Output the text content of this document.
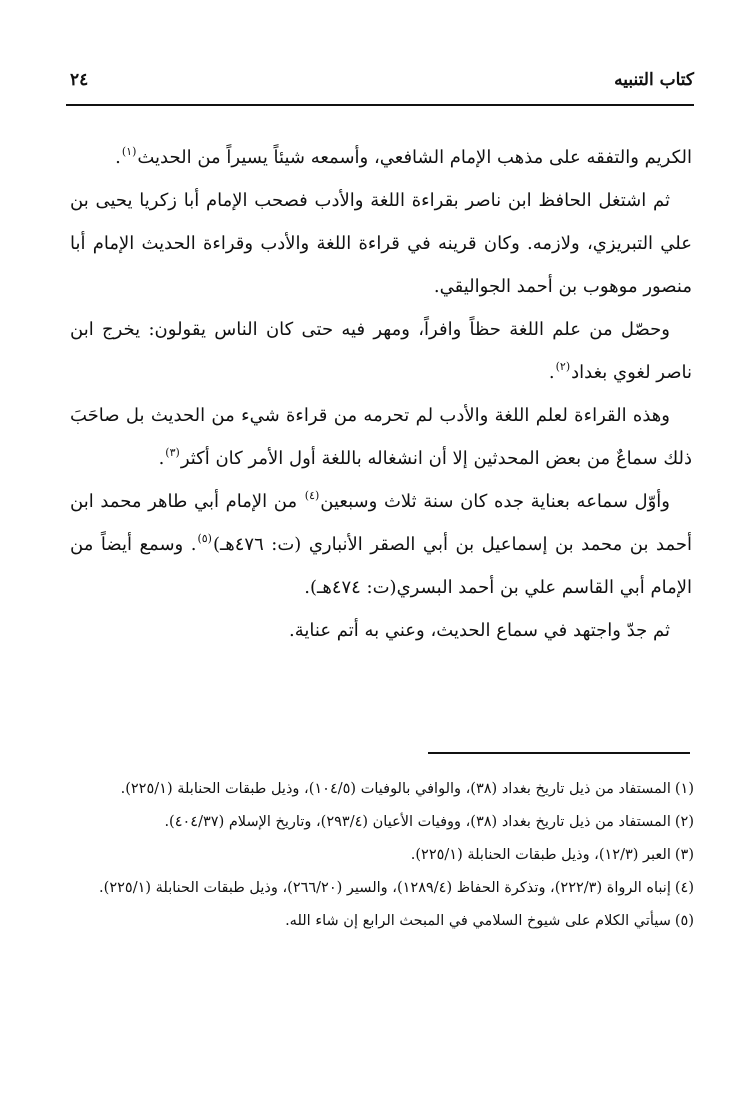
كتاب التنبيه
٢٤

الكريم والتفقه على مذهب الإمام الشافعي، وأسمعه شيئاً يسيراً من الحديث$^{(١)}$.

ثم اشتغل الحافظ ابن ناصر بقراءة اللغة والأدب فصحب الإمام أبا زكريا يحيى بن علي التبريزي، ولازمه. وكان قرينه في قراءة اللغة والأدب وقراءة الحديث الإمام أبا منصور موهوب بن أحمد الجواليقي.

وحصّل من علم اللغة حظاً وافراً، ومهر فيه حتى كان الناس يقولون: يخرج ابن ناصر لغوي بغداد$^{(٢)}$.

وهذه القراءة لعلم اللغة والأدب لم تحرمه من قراءة شيء من الحديث بل صاحَبَ ذلك سماعٌ من بعض المحدثين إلا أن انشغاله باللغة أول الأمر كان أكثر$^{(٣)}$.

وأوّل سماعه بعناية جده كان سنة ثلاث وسبعين$^{(٤)}$ من الإمام أبي طاهر محمد ابن أحمد بن محمد بن إسماعيل بن أبي الصقر الأنباري (ت: ٤٧٦هـ)$^{(٥)}$. وسمع أيضاً من الإمام أبي القاسم علي بن أحمد البسري(ت: ٤٧٤هـ).

ثم جدّ واجتهد في سماع الحديث، وعني به أتم عناية.

(١)المستفاد من ذيل تاريخ بغداد (٣٨)، والوافي بالوفيات (١٠٤/٥)، وذيل طبقات الحنابلة (٢٢٥/١).

(٢)المستفاد من ذيل تاريخ بغداد (٣٨)، ووفيات الأعيان (٢٩٣/٤)، وتاريخ الإسلام (٤٠٤/٣٧).

(٣)العبر (١٢/٣)، وذيل طبقات الحنابلة (٢٢٥/١).

(٤)إنباه الرواة (٢٢٢/٣)، وتذكرة الحفاظ (١٢٨٩/٤)، والسير (٢٦٦/٢٠)، وذيل طبقات الحنابلة (٢٢٥/١).

(٥)سيأتي الكلام على شيوخ السلامي في المبحث الرابع إن شاء الله.
